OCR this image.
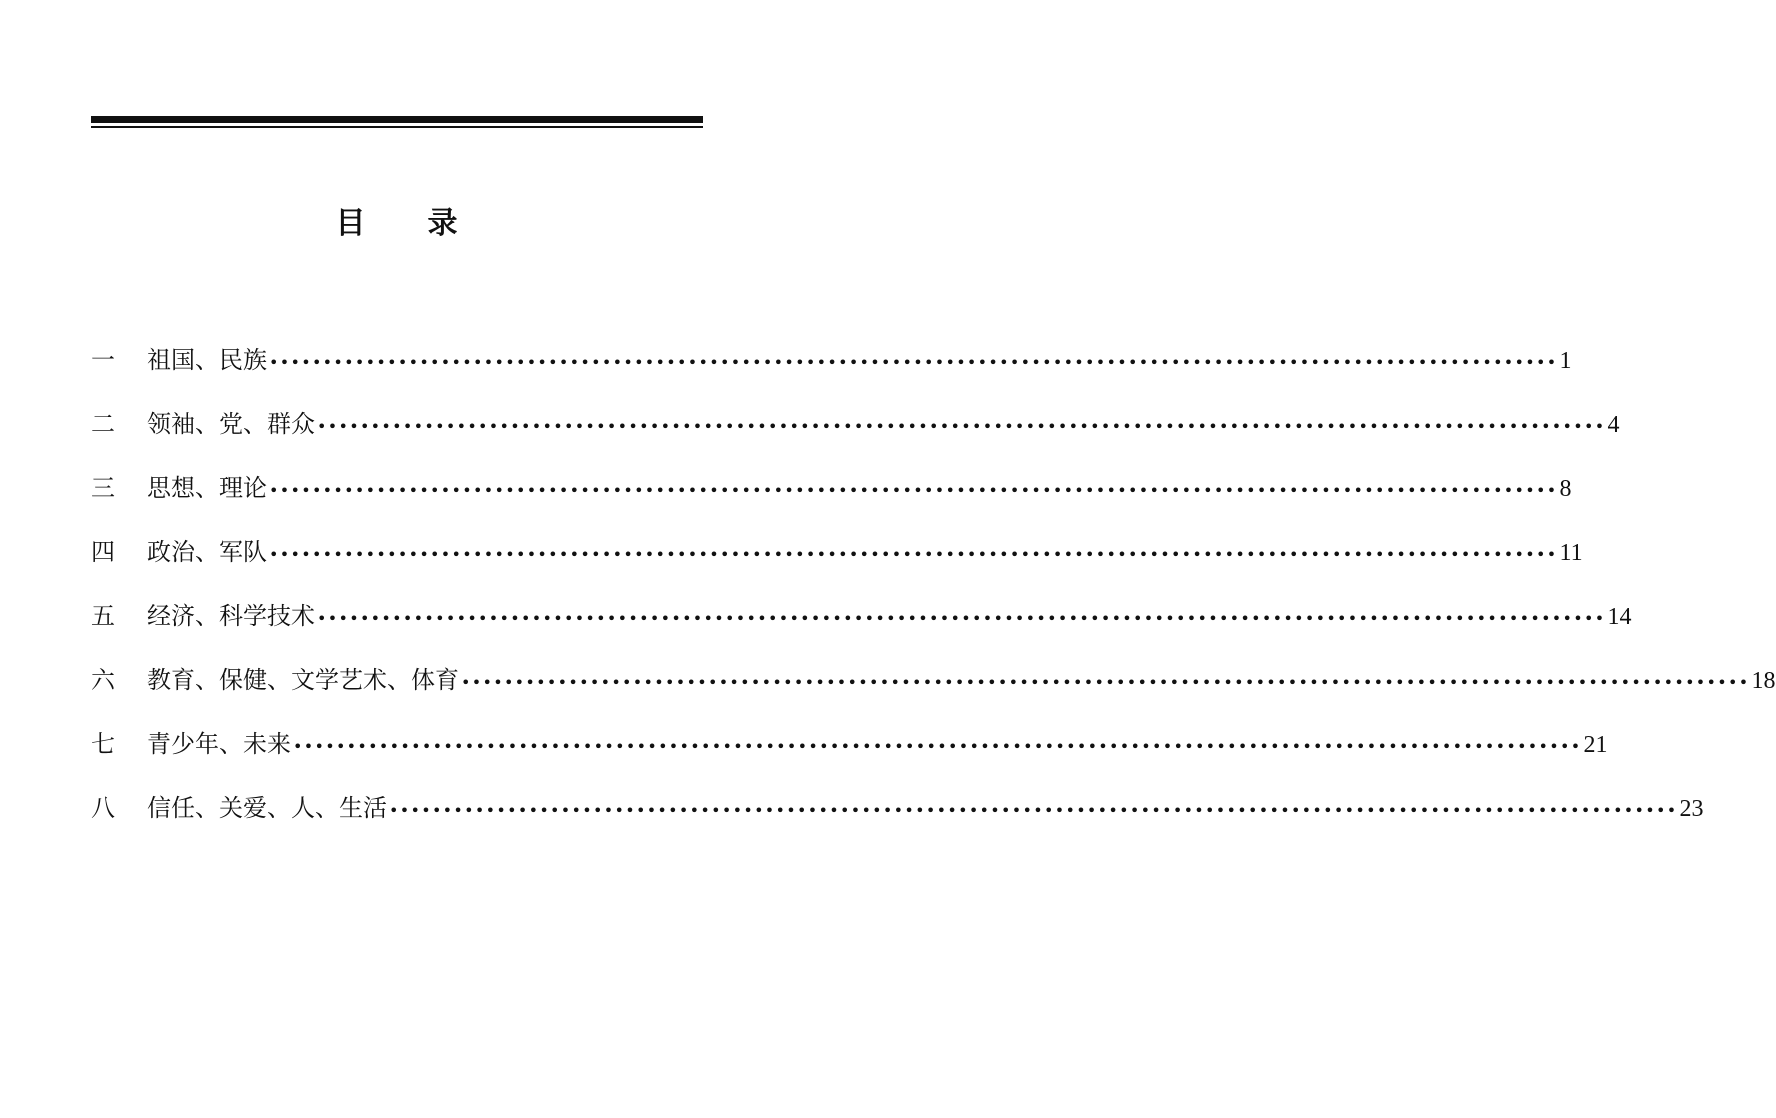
目 录
一	祖国、民族 •••••••••••••••••••••••••••••••••••••••••••••••••••••••••••••••••••••••••••••••••••••••••••••••••••••••••••••••••••••••• 1
二	领袖、党、群众 •••••••••••••••••••••••••••••••••••••••••••••••••••••••••••••••••••••••••••••••••••••••••••••••••••••••••••••••••••••••• 4
三	思想、理论 •••••••••••••••••••••••••••••••••••••••••••••••••••••••••••••••••••••••••••••••••••••••••••••••••••••••••••••••••••••••• 8
四	政治、军队 •••••••••••••••••••••••••••••••••••••••••••••••••••••••••••••••••••••••••••••••••••••••••••••••••••••••••••••••••••••••• 11
五	经济、科学技术 •••••••••••••••••••••••••••••••••••••••••••••••••••••••••••••••••••••••••••••••••••••••••••••••••••••••••••••••••••••••• 14
六	教育、保健、文学艺术、体育 •••••••••••••••••••••••••••••••••••••••••••••••••••••••••••••••••••••••••••••••••••••••••••••••••••••••••••••••••••••••• 18
七	青少年、未来 •••••••••••••••••••••••••••••••••••••••••••••••••••••••••••••••••••••••••••••••••••••••••••••••••••••••••••••••••••••••• 21
八	信任、关爱、人、生活 •••••••••••••••••••••••••••••••••••••••••••••••••••••••••••••••••••••••••••••••••••••••••••••••••••••••••••••••••••••••• 23
